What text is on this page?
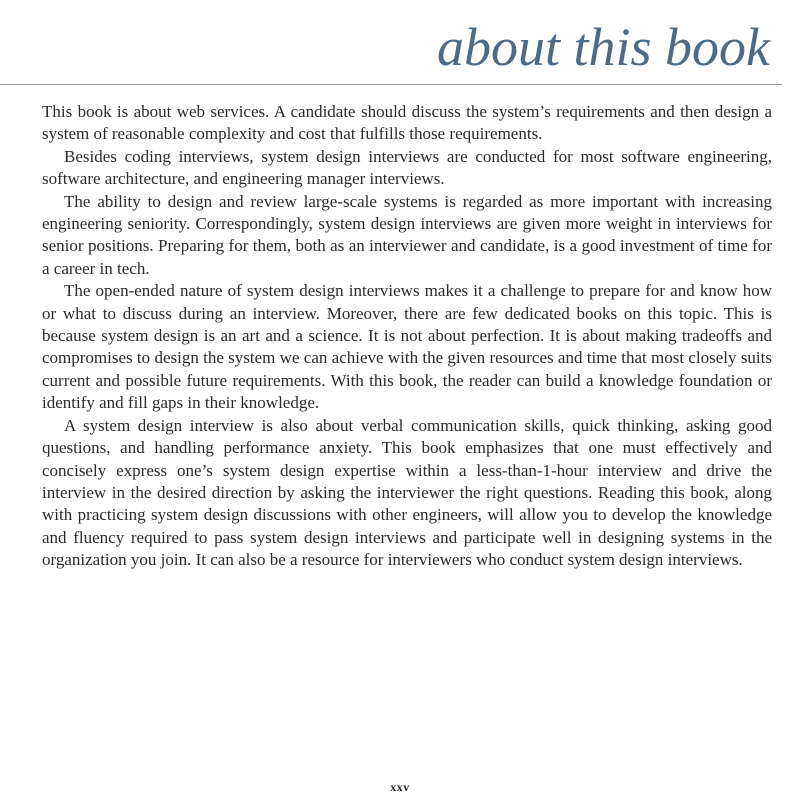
about this book

This book is about web services. A candidate should discuss the system’s requirements and then design a system of reasonable complexity and cost that fulfills those requirements.

Besides coding interviews, system design interviews are conducted for most software engineering, software architecture, and engineering manager interviews.

The ability to design and review large-scale systems is regarded as more important with increasing engineering seniority. Correspondingly, system design interviews are given more weight in interviews for senior positions. Preparing for them, both as an interviewer and candidate, is a good investment of time for a career in tech.

The open-ended nature of system design interviews makes it a challenge to prepare for and know how or what to discuss during an interview. Moreover, there are few dedicated books on this topic. This is because system design is an art and a science. It is not about perfection. It is about making tradeoffs and compromises to design the system we can achieve with the given resources and time that most closely suits current and possible future requirements. With this book, the reader can build a knowledge foundation or identify and fill gaps in their knowledge.

A system design interview is also about verbal communication skills, quick thinking, asking good questions, and handling performance anxiety. This book emphasizes that one must effectively and concisely express one’s system design expertise within a less-than-1-hour interview and drive the interview in the desired direction by asking the interviewer the right questions. Reading this book, along with practicing system design discussions with other engineers, will allow you to develop the knowledge and fluency required to pass system design interviews and participate well in designing systems in the organization you join. It can also be a resource for interviewers who conduct system design interviews.

xxv
